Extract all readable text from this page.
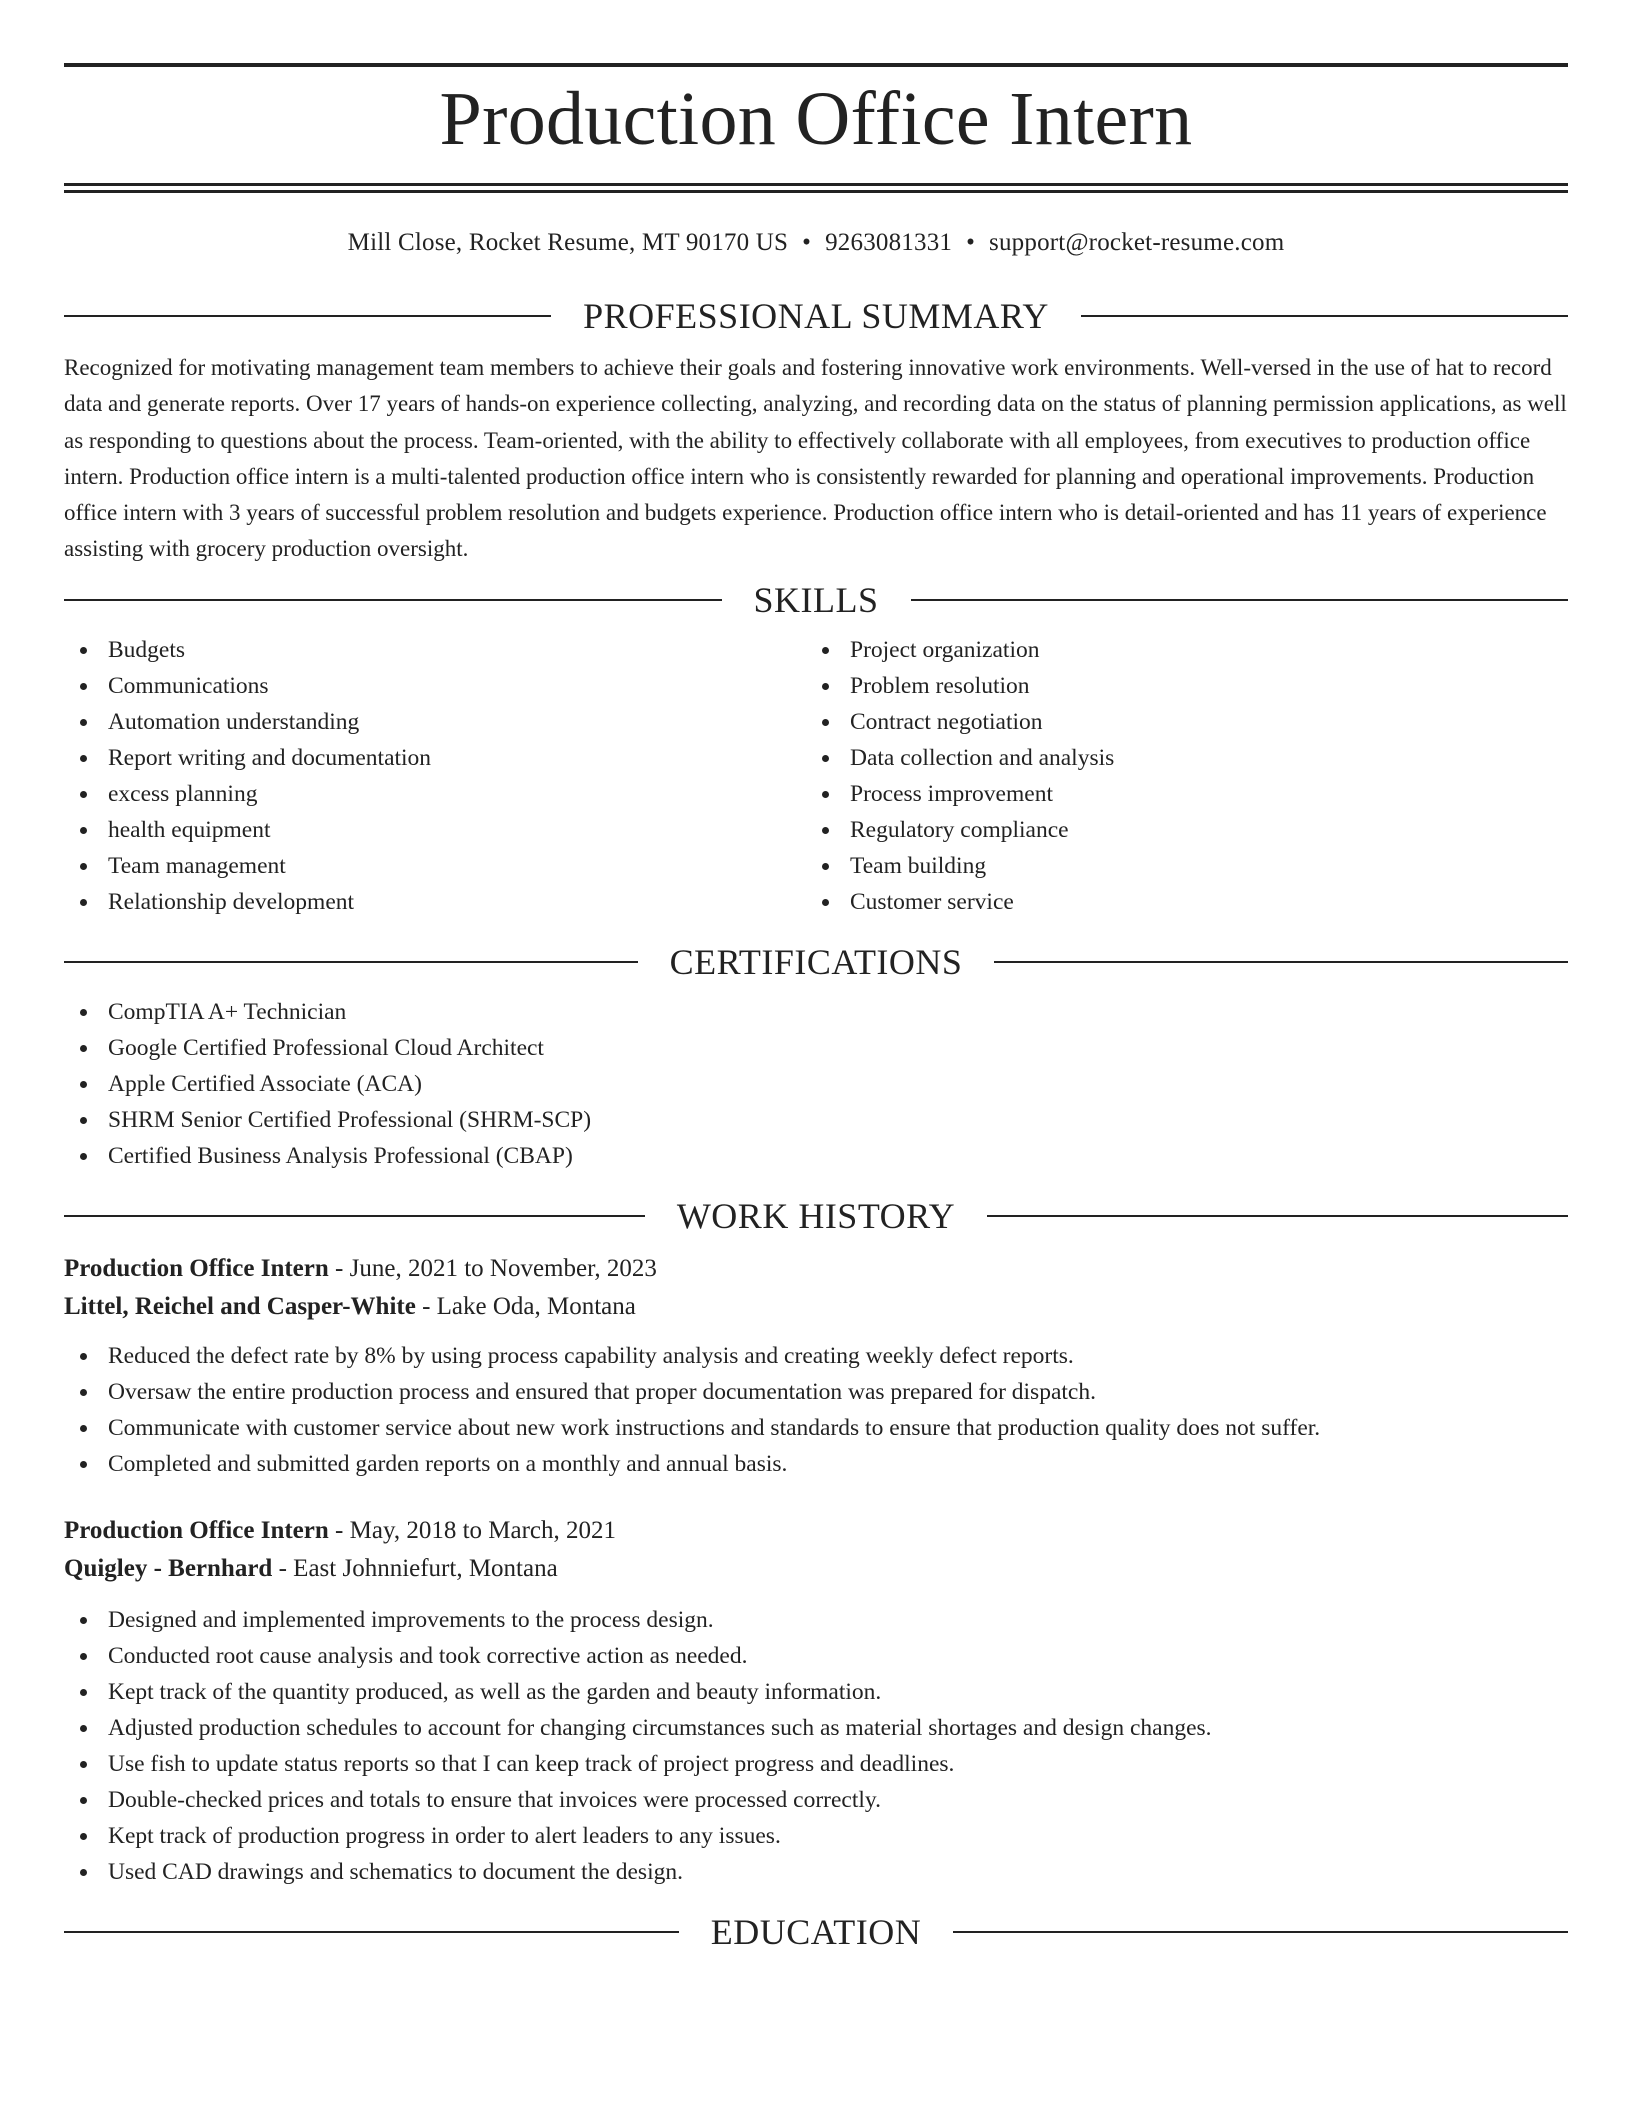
Production Office Intern
Mill Close, Rocket Resume, MT 90170 US • 9263081331 • support@rocket-resume.com
PROFESSIONAL SUMMARY

Recognized for motivating management team members to achieve their goals and fostering innovative work environments. Well-versed in the use of hat to record data and generate reports. Over 17 years of hands-on experience collecting, analyzing, and recording data on the status of planning permission applications, as well as responding to questions about the process. Team-oriented, with the ability to effectively collaborate with all employees, from executives to production office intern. Production office intern is a multi-talented production office intern who is consistently rewarded for planning and operational improvements. Production office intern with 3 years of successful problem resolution and budgets experience. Production office intern who is detail-oriented and has 11 years of experience assisting with grocery production oversight.

SKILLS
Budgets
Communications
Automation understanding
Report writing and documentation
excess planning
health equipment
Team management
Relationship development
Project organization
Problem resolution
Contract negotiation
Data collection and analysis
Process improvement
Regulatory compliance
Team building
Customer service
CERTIFICATIONS
CompTIA A+ Technician
Google Certified Professional Cloud Architect
Apple Certified Associate (ACA)
SHRM Senior Certified Professional (SHRM-SCP)
Certified Business Analysis Professional (CBAP)
WORK HISTORY
Production Office Intern - June, 2021 to November, 2023
Littel, Reichel and Casper-White - Lake Oda, Montana
Reduced the defect rate by 8% by using process capability analysis and creating weekly defect reports.
Oversaw the entire production process and ensured that proper documentation was prepared for dispatch.
Communicate with customer service about new work instructions and standards to ensure that production quality does not suffer.
Completed and submitted garden reports on a monthly and annual basis.
Production Office Intern - May, 2018 to March, 2021
Quigley - Bernhard - East Johnniefurt, Montana
Designed and implemented improvements to the process design.
Conducted root cause analysis and took corrective action as needed.
Kept track of the quantity produced, as well as the garden and beauty information.
Adjusted production schedules to account for changing circumstances such as material shortages and design changes.
Use fish to update status reports so that I can keep track of project progress and deadlines.
Double-checked prices and totals to ensure that invoices were processed correctly.
Kept track of production progress in order to alert leaders to any issues.
Used CAD drawings and schematics to document the design.
EDUCATION
